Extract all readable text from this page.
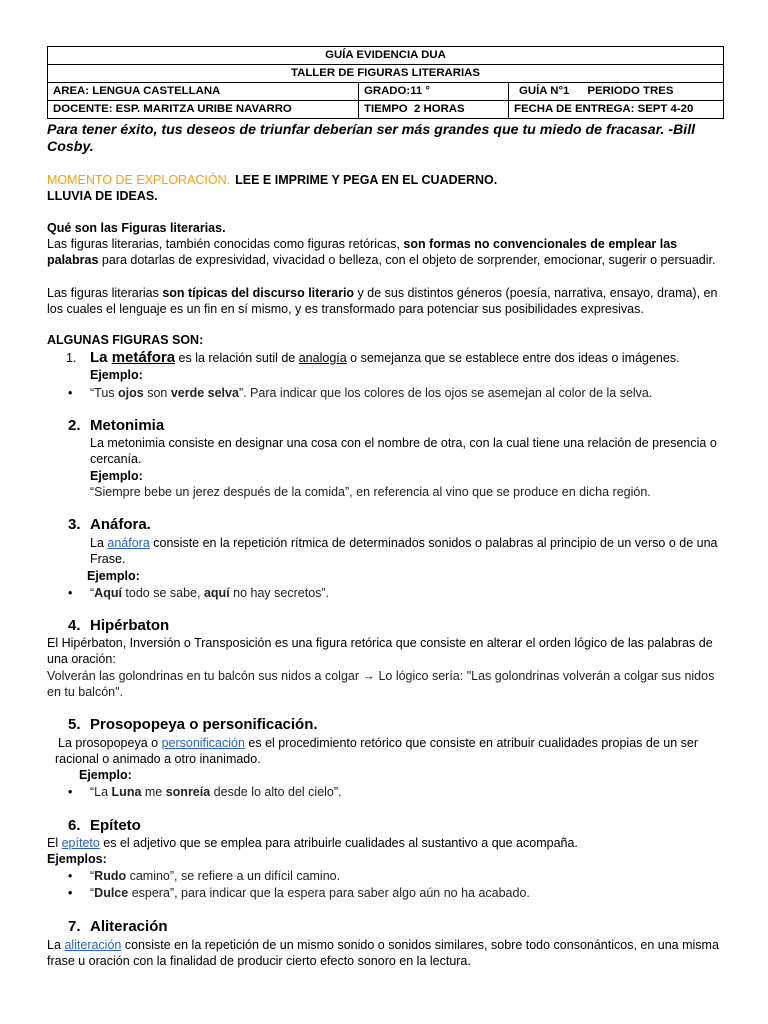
GUÍA EVIDENCIA DUA		
TALLER DE FIGURAS LITERARIAS		
AREA: LENGUA CASTELLANA	GRADO:11 °	GUÍA N°1 PERIODO TRES
DOCENTE: ESP. MARITZA URIBE NAVARRO	TIEMPO  2 HORAS	FECHA DE ENTREGA: SEPT 4-20
Para tener éxito, tus deseos de triunfar deberían ser más grandes que tu miedo de fracasar. -Bill Cosby.
MOMENTO DE EXPLORACIÓN. LEE E IMPRIME Y PEGA EN EL CUADERNO.
LLUVIA DE IDEAS.
Qué son las Figuras literarias.
Las figuras literarias, también conocidas como figuras retóricas, son formas no convencionales de emplear las palabras para dotarlas de expresividad, vivacidad o belleza, con el objeto de sorprender, emocionar, sugerir o persuadir.
Las figuras literarias son típicas del discurso literario y de sus distintos géneros (poesía, narrativa, ensayo, drama), en los cuales el lenguaje es un fin en sí mismo, y es transformado para potenciar sus posibilidades expresivas.
ALGUNAS FIGURAS SON:
1. La metáfora es la relación sutil de analogía o semejanza que se establece entre dos ideas o imágenes.
Ejemplo:
• “Tus ojos son verde selva”. Para indicar que los colores de los ojos se asemejan al color de la selva.
2. Metonimia
La metonimia consiste en designar una cosa con el nombre de otra, con la cual tiene una relación de presencia o cercanía.
Ejemplo:
“Siempre bebe un jerez después de la comida”, en referencia al vino que se produce en dicha región.
3. Anáfora.
La anáfora consiste en la repetición rítmica de determinados sonidos o palabras al principio de un verso o de una Frase.
Ejemplo:
• “Aquí todo se sabe, aquí no hay secretos”.
4. Hipérbaton
El Hipérbaton, Inversión o Transposición es una figura retórica que consiste en alterar el orden lógico de las palabras de una oración:
Volverán las golondrinas en tu balcón sus nidos a colgar → Lo lógico sería: "Las golondrinas volverán a colgar sus nidos en tu balcón".
5. Prosopopeya o personificación.
La prosopopeya o personificación es el procedimiento retórico que consiste en atribuir cualidades propias de un ser racional o animado a otro inanimado.
Ejemplo:
• “La Luna me sonreía desde lo alto del cielo”.
6. Epíteto
El epíteto es el adjetivo que se emplea para atribuirle cualidades al sustantivo a que acompaña.
Ejemplos:
• “Rudo camino”, se refiere a un difícil camino.
• “Dulce espera”, para indicar que la espera para saber algo aún no ha acabado.
7. Aliteración
La aliteración consiste en la repetición de un mismo sonido o sonidos similares, sobre todo consonánticos, en una misma frase u oración con la finalidad de producir cierto efecto sonoro en la lectura.
